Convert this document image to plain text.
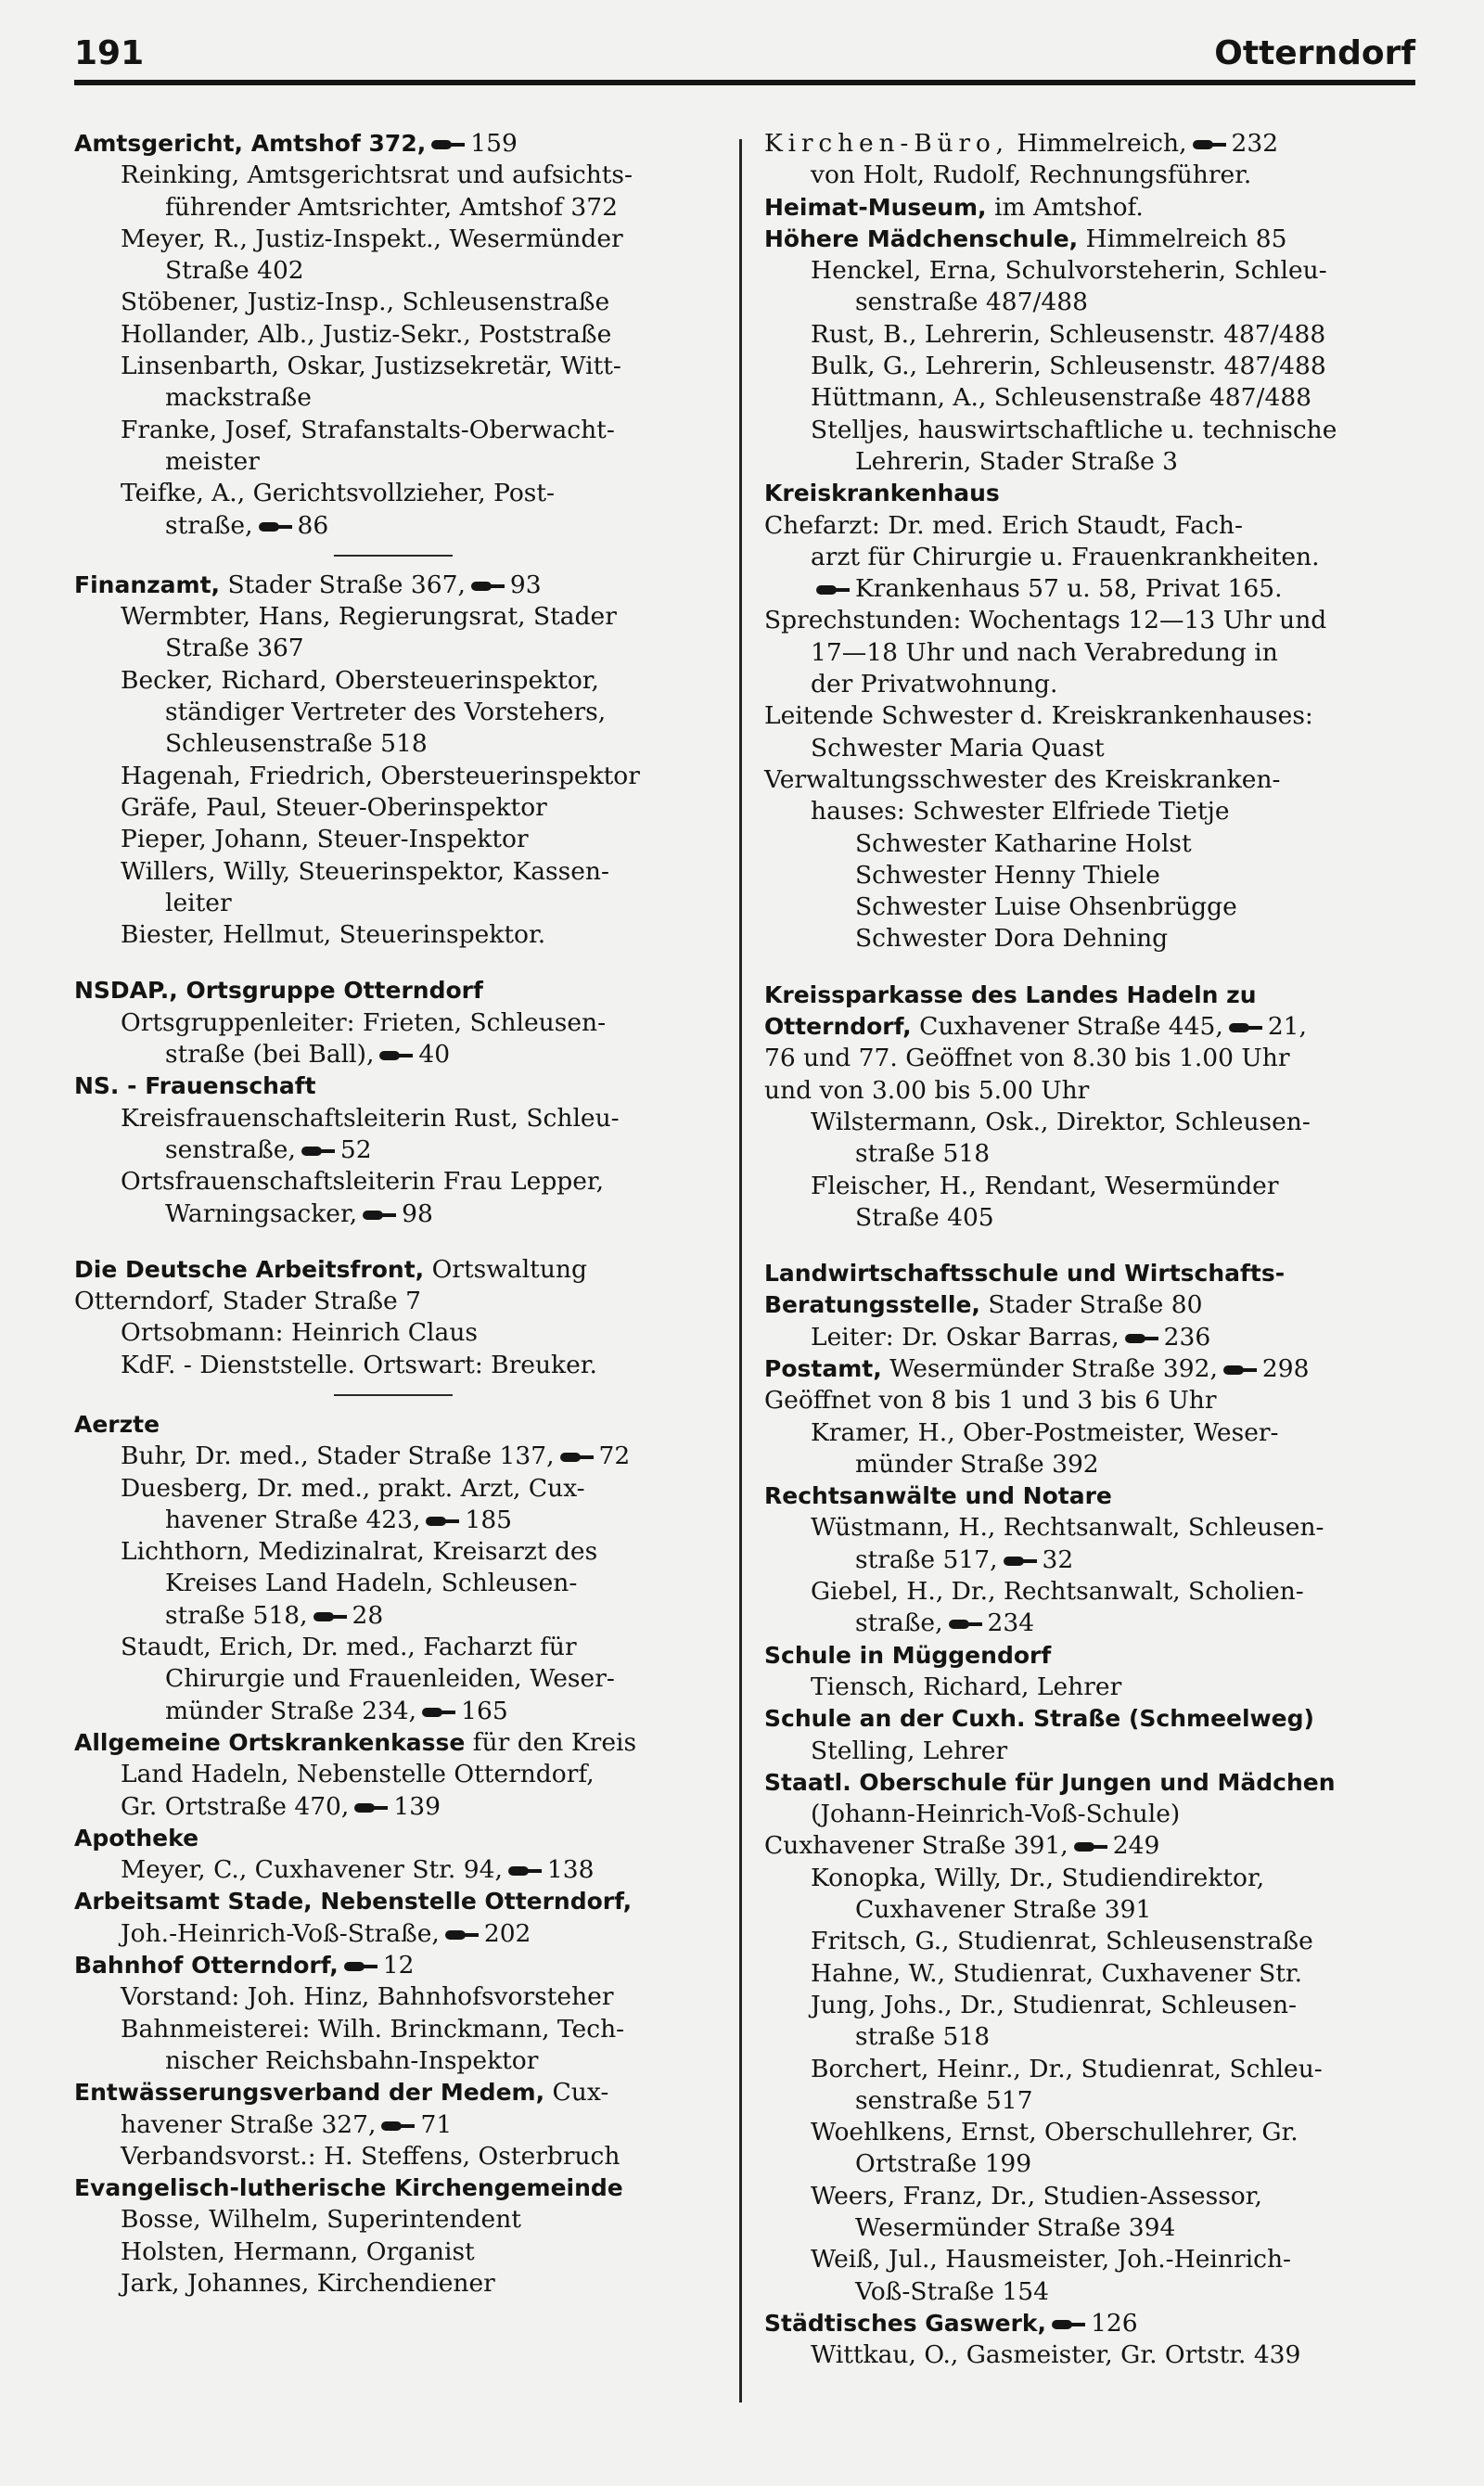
191	Otterndorf
Amtsgericht, Amtshof 372, 159
Reinking, Amtsgerichtsrat und aufsichts-
führender Amtsrichter, Amtshof 372
Meyer, R., Justiz-Inspekt., Wesermünder
Straße 402
Stöbener, Justiz-Insp., Schleusenstraße
Hollander, Alb., Justiz-Sekr., Poststraße
Linsenbarth, Oskar, Justizsekretär, Witt-
mackstraße
Franke, Josef, Strafanstalts-Oberwacht-
meister
Teifke, A., Gerichtsvollzieher, Post-
straße, 86
Finanzamt, Stader Straße 367, 93
Wermbter, Hans, Regierungsrat, Stader
Straße 367
Becker, Richard, Obersteuerinspektor,
ständiger Vertreter des Vorstehers,
Schleusenstraße 518
Hagenah, Friedrich, Obersteuerinspektor
Gräfe, Paul, Steuer-Oberinspektor
Pieper, Johann, Steuer-Inspektor
Willers, Willy, Steuerinspektor, Kassen-
leiter
Biester, Hellmut, Steuerinspektor.
NSDAP., Ortsgruppe Otterndorf
Ortsgruppenleiter: Frieten, Schleusen-
straße (bei Ball), 40
NS. - Frauenschaft
Kreisfrauenschaftsleiterin Rust, Schleu-
senstraße, 52
Ortsfrauenschaftsleiterin Frau Lepper,
Warningsacker, 98
Die Deutsche Arbeitsfront, Ortswaltung
Otterndorf, Stader Straße 7
Ortsobmann: Heinrich Claus
KdF. - Dienststelle. Ortswart: Breuker.
Aerzte
Buhr, Dr. med., Stader Straße 137, 72
Duesberg, Dr. med., prakt. Arzt, Cux-
havener Straße 423, 185
Lichthorn, Medizinalrat, Kreisarzt des
Kreises Land Hadeln, Schleusen-
straße 518, 28
Staudt, Erich, Dr. med., Facharzt für
Chirurgie und Frauenleiden, Weser-
münder Straße 234, 165
Allgemeine Ortskrankenkasse für den Kreis
Land Hadeln, Nebenstelle Otterndorf,
Gr. Ortstraße 470, 139
Apotheke
Meyer, C., Cuxhavener Str. 94, 138
Arbeitsamt Stade, Nebenstelle Otterndorf,
Joh.-Heinrich-Voß-Straße, 202
Bahnhof Otterndorf, 12
Vorstand: Joh. Hinz, Bahnhofsvorsteher
Bahnmeisterei: Wilh. Brinckmann, Tech-
nischer Reichsbahn-Inspektor
Entwässerungsverband der Medem, Cux-
havener Straße 327, 71
Verbandsvorst.: H. Steffens, Osterbruch
Evangelisch-lutherische Kirchengemeinde
Bosse, Wilhelm, Superintendent
Holsten, Hermann, Organist
Jark, Johannes, Kirchendiener
Kirchen-Büro, Himmelreich, 232
von Holt, Rudolf, Rechnungsführer.
Heimat-Museum, im Amtshof.
Höhere Mädchenschule, Himmelreich 85
Henckel, Erna, Schulvorsteherin, Schleu-
senstraße 487/488
Rust, B., Lehrerin, Schleusenstr. 487/488
Bulk, G., Lehrerin, Schleusenstr. 487/488
Hüttmann, A., Schleusenstraße 487/488
Stelljes, hauswirtschaftliche u. technische
Lehrerin, Stader Straße 3
Kreiskrankenhaus
Chefarzt: Dr. med. Erich Staudt, Fach-
arzt für Chirurgie u. Frauenkrankheiten.
Krankenhaus 57 u. 58, Privat 165.
Sprechstunden: Wochentags 12—13 Uhr und
17—18 Uhr und nach Verabredung in
der Privatwohnung.
Leitende Schwester d. Kreiskrankenhauses:
Schwester Maria Quast
Verwaltungsschwester des Kreiskranken-
hauses: Schwester Elfriede Tietje
Schwester Katharine Holst
Schwester Henny Thiele
Schwester Luise Ohsenbrügge
Schwester Dora Dehning
Kreissparkasse des Landes Hadeln zu
Otterndorf, Cuxhavener Straße 445, 21,
76 und 77. Geöffnet von 8.30 bis 1.00 Uhr
und von 3.00 bis 5.00 Uhr
Wilstermann, Osk., Direktor, Schleusen-
straße 518
Fleischer, H., Rendant, Wesermünder
Straße 405
Landwirtschaftsschule und Wirtschafts-
Beratungsstelle, Stader Straße 80
Leiter: Dr. Oskar Barras, 236
Postamt, Wesermünder Straße 392, 298
Geöffnet von 8 bis 1 und 3 bis 6 Uhr
Kramer, H., Ober-Postmeister, Weser-
münder Straße 392
Rechtsanwälte und Notare
Wüstmann, H., Rechtsanwalt, Schleusen-
straße 517, 32
Giebel, H., Dr., Rechtsanwalt, Scholien-
straße, 234
Schule in Müggendorf
Tiensch, Richard, Lehrer
Schule an der Cuxh. Straße (Schmeelweg)
Stelling, Lehrer
Staatl. Oberschule für Jungen und Mädchen
(Johann-Heinrich-Voß-Schule)
Cuxhavener Straße 391, 249
Konopka, Willy, Dr., Studiendirektor,
Cuxhavener Straße 391
Fritsch, G., Studienrat, Schleusenstraße
Hahne, W., Studienrat, Cuxhavener Str.
Jung, Johs., Dr., Studienrat, Schleusen-
straße 518
Borchert, Heinr., Dr., Studienrat, Schleu-
senstraße 517
Woehlkens, Ernst, Oberschullehrer, Gr.
Ortstraße 199
Weers, Franz, Dr., Studien-Assessor,
Wesermünder Straße 394
Weiß, Jul., Hausmeister, Joh.-Heinrich-
Voß-Straße 154
Städtisches Gaswerk, 126
Wittkau, O., Gasmeister, Gr. Ortstr. 439
